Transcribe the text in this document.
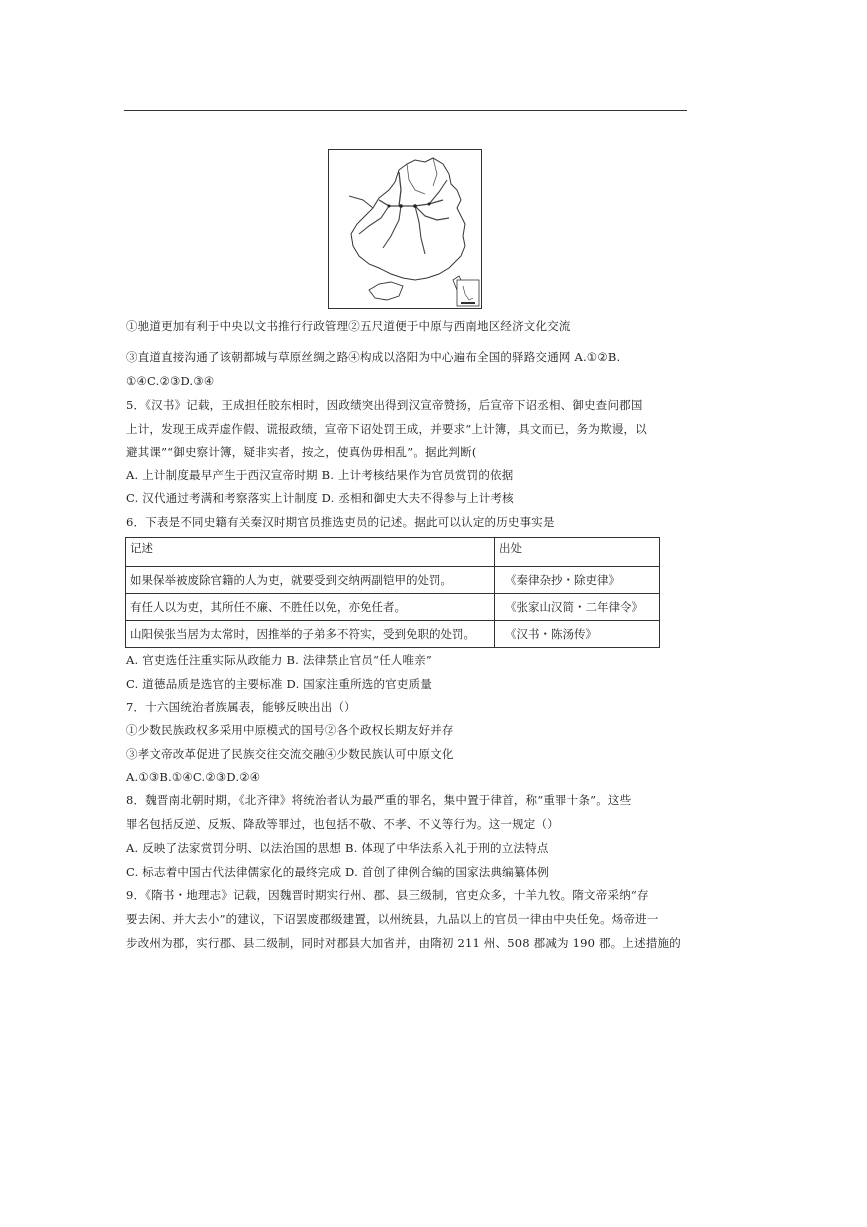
①驰道更加有利于中央以文书推行行政管理②五尺道便于中原与西南地区经济文化交流
③直道直接沟通了该朝都城与草原丝绸之路④构成以洛阳为中心遍布全国的驿路交通网 A.①②B.
①④C.②③D.③④
5．《汉书》记载，王成担任胶东相时，因政绩突出得到汉宣帝赞扬，后宣帝下诏丞相、御史查问郡国
上计，发现王成弄虚作假、谎报政绩，宣帝下诏处罚王成，并要求“上计簿，具文而已，务为欺谩，以
避其课”“御史察计簿，疑非实者，按之，使真伪毋相乱”。据此判断(
A. 上计制度最早产生于西汉宣帝时期 B. 上计考核结果作为官员赏罚的依据
C. 汉代通过考满和考察落实上计制度 D. 丞相和御史大夫不得参与上计考核
6．下表是不同史籍有关秦汉时期官员推选吏员的记述。据此可以认定的历史事实是
记述	出处
如果保举被废除官籍的人为吏，就要受到交纳两副铠甲的处罚。	《秦律杂抄・除吏律》
有任人以为吏，其所任不廉、不胜任以免，亦免任者。	《张家山汉简・二年律令》
山阳侯张当居为太常时，因推举的子弟多不符实，受到免职的处罚。	《汉书・陈汤传》
A. 官吏选任注重实际从政能力 B. 法律禁止官员“任人唯亲”
C. 道德品质是选官的主要标准 D. 国家注重所选的官吏质量
7．十六国统治者族属表，能够反映出出（）
①少数民族政权多采用中原模式的国号②各个政权长期友好并存
③孝文帝改革促进了民族交往交流交融④少数民族认可中原文化
A.①③B.①④C.②③D.②④
8．魏晋南北朝时期，《北齐律》将统治者认为最严重的罪名，集中置于律首，称“重罪十条”。这些
罪名包括反逆、反叛、降敌等罪过，也包括不敬、不孝、不义等行为。这一规定（）
A. 反映了法家赏罚分明、以法治国的思想 B. 体现了中华法系入礼于刑的立法特点
C. 标志着中国古代法律儒家化的最终完成 D. 首创了律例合编的国家法典编纂体例
9．《隋书・地理志》记载，因魏晋时期实行州、郡、县三级制，官吏众多，十羊九牧。隋文帝采纳“存
要去闲、并大去小”的建议，下诏罢废郡级建置，以州统县，九品以上的官员一律由中央任免。炀帝进一
步改州为郡，实行郡、县二级制，同时对郡县大加省并，由隋初 211 州、508 郡减为 190 郡。上述措施的
